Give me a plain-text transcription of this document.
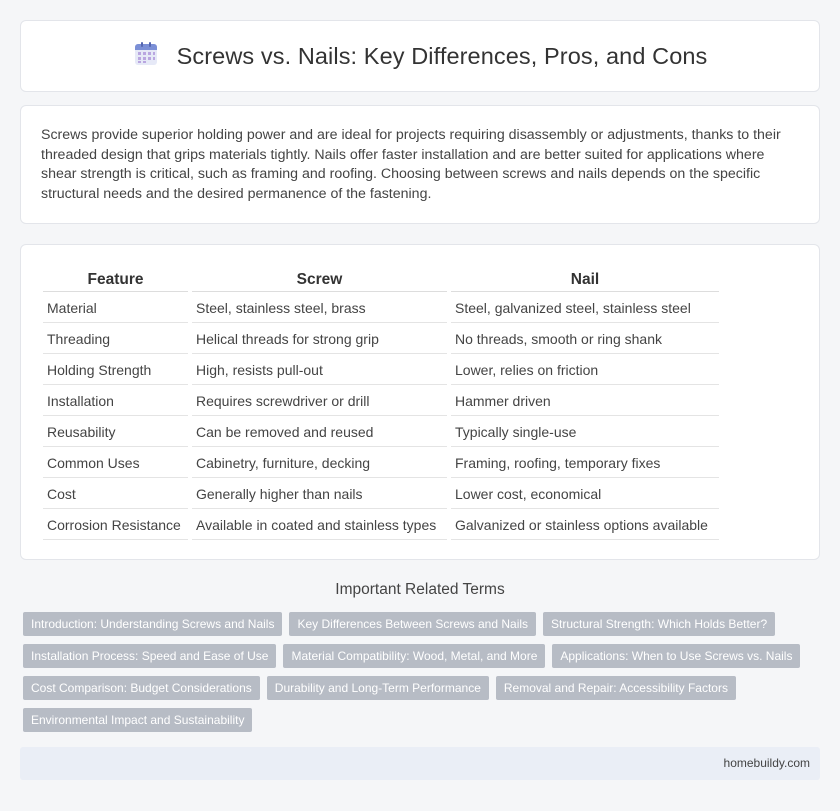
Screws vs. Nails: Key Differences, Pros, and Cons

Screws provide superior holding power and are ideal for projects requiring disassembly or adjustments, thanks to their threaded design that grips materials tightly. Nails offer faster installation and are better suited for applications where shear strength is critical, such as framing and roofing. Choosing between screws and nails depends on the specific structural needs and the desired permanence of the fastening.

Feature	Screw	Nail
Material	Steel, stainless steel, brass	Steel, galvanized steel, stainless steel
Threading	Helical threads for strong grip	No threads, smooth or ring shank
Holding Strength	High, resists pull-out	Lower, relies on friction
Installation	Requires screwdriver or drill	Hammer driven
Reusability	Can be removed and reused	Typically single-use
Common Uses	Cabinetry, furniture, decking	Framing, roofing, temporary fixes
Cost	Generally higher than nails	Lower cost, economical
Corrosion Resistance	Available in coated and stainless types	Galvanized or stainless options available
Important Related Terms
Introduction: Understanding Screws and Nails	Key Differences Between Screws and Nails	Structural Strength: Which Holds Better?
Installation Process: Speed and Ease of Use	Material Compatibility: Wood, Metal, and More	Applications: When to Use Screws vs. Nails
Cost Comparison: Budget Considerations	Durability and Long-Term Performance	Removal and Repair: Accessibility Factors
Environmental Impact and Sustainability
homebuildy.com
